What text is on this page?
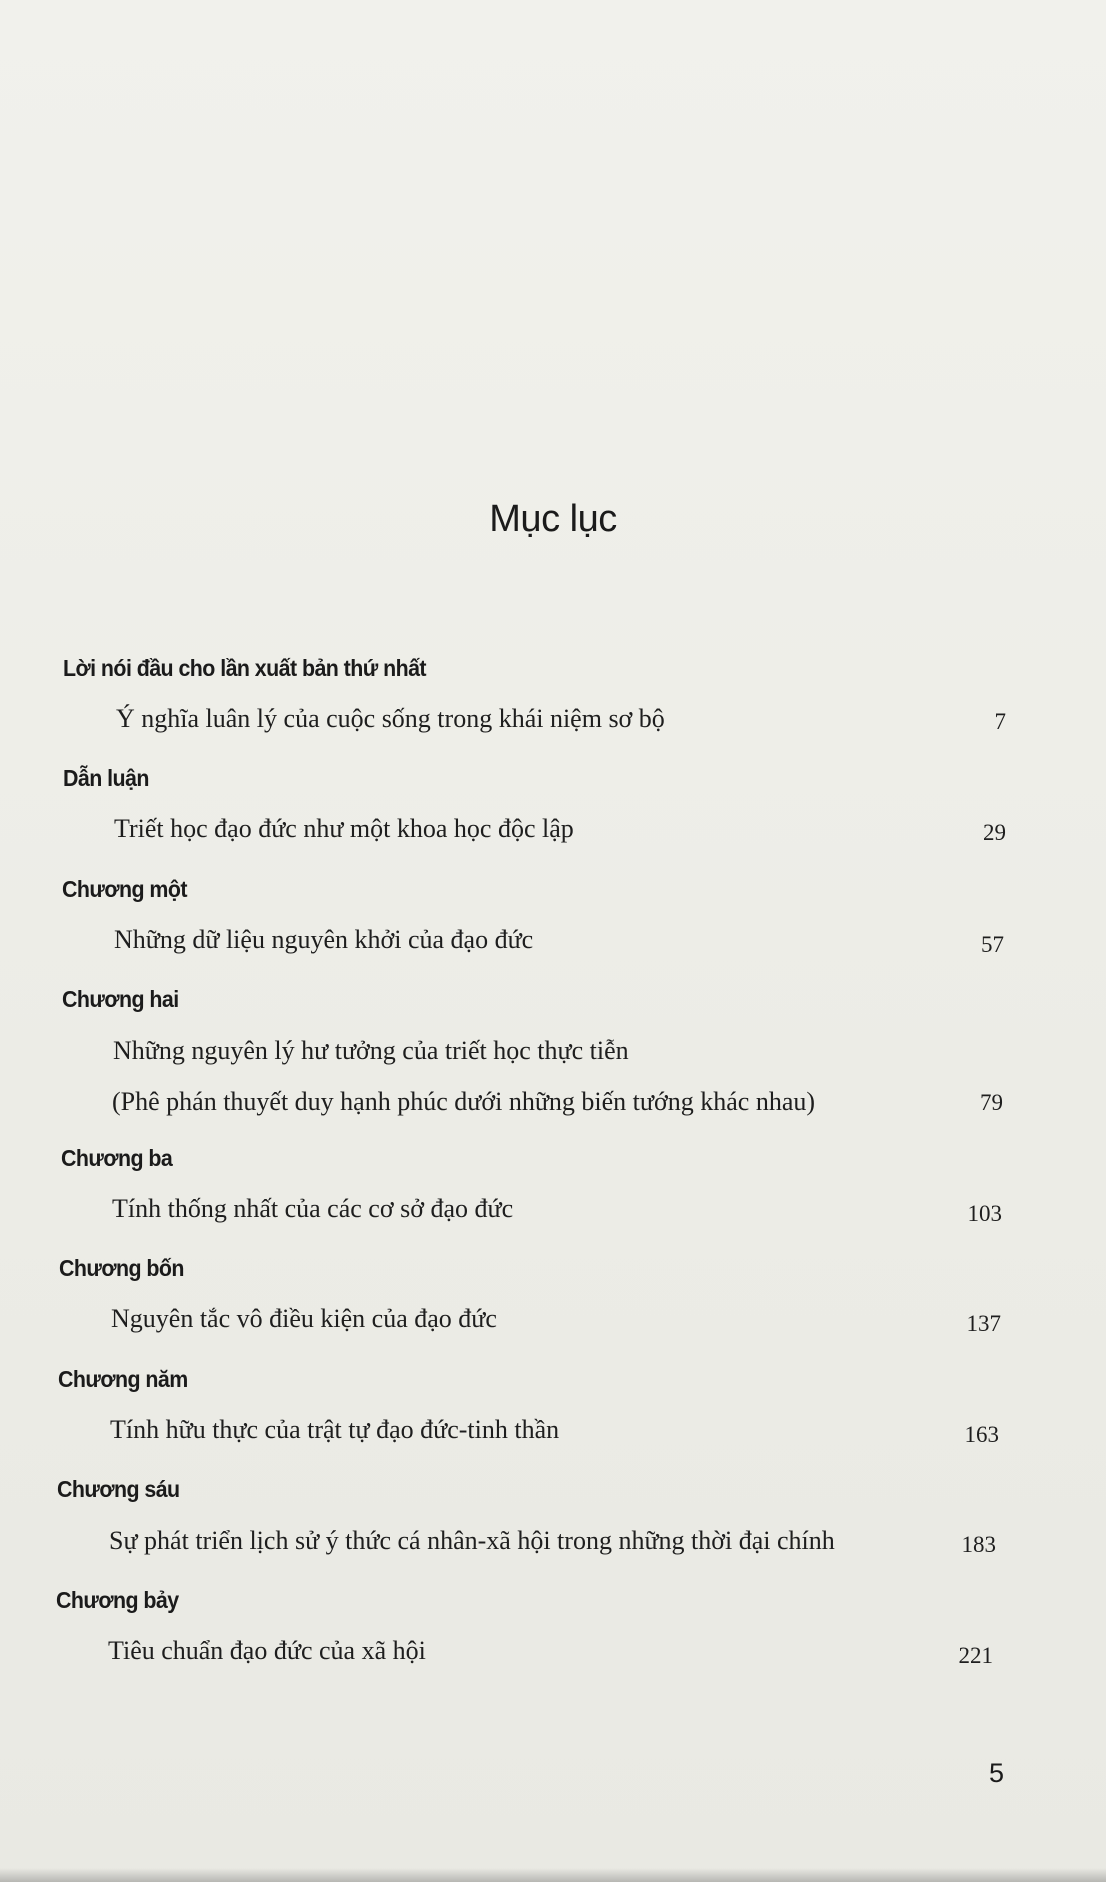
Mục lục
Lời nói đầu cho lần xuất bản thứ nhất
Ý nghĩa luân lý của cuộc sống trong khái niệm sơ bộ	7
Dẫn luận
Triết học đạo đức như một khoa học độc lập	29
Chương một
Những dữ liệu nguyên khởi của đạo đức	57
Chương hai
Những nguyên lý hư tưởng của triết học thực tiễn
(Phê phán thuyết duy hạnh phúc dưới những biến tướng khác nhau)	79
Chương ba
Tính thống nhất của các cơ sở đạo đức	103
Chương bốn
Nguyên tắc vô điều kiện của đạo đức	137
Chương năm
Tính hữu thực của trật tự đạo đức-tinh thần	163
Chương sáu
Sự phát triển lịch sử ý thức cá nhân-xã hội trong những thời đại chính	183
Chương bảy
Tiêu chuẩn đạo đức của xã hội	221
5
